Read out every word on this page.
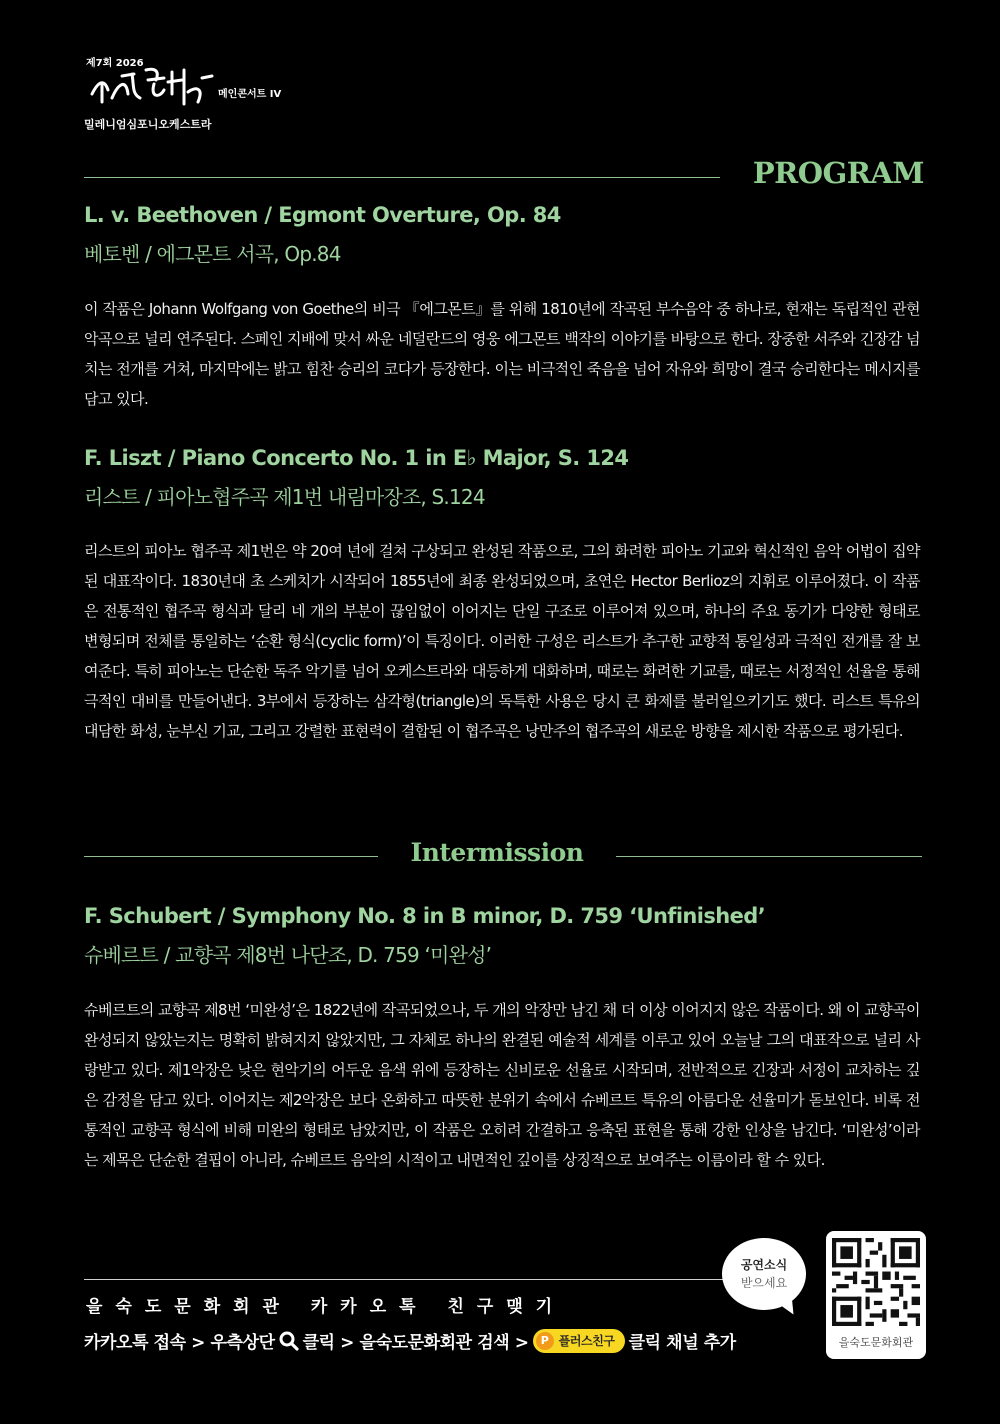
제7회 2026
메인콘서트 IV
밀레니엄심포니오케스트라
PROGRAM
L. v. Beethoven / Egmont Overture, Op. 84
베토벤 / 에그몬트 서곡, Op.84
이 작품은 Johann Wolfgang von Goethe의 비극 『에그몬트』를 위해 1810년에 작곡된 부수음악 중 하나로, 현재는 독립적인 관현악곡으로 널리 연주된다. 스페인 지배에 맞서 싸운 네덜란드의 영웅 에그몬트 백작의 이야기를 바탕으로 한다. 장중한 서주와 긴장감 넘치는 전개를 거쳐, 마지막에는 밝고 힘찬 승리의 코다가 등장한다. 이는 비극적인 죽음을 넘어 자유와 희망이 결국 승리한다는 메시지를 담고 있다.
F. Liszt / Piano Concerto No. 1 in E♭ Major, S. 124
리스트 / 피아노협주곡 제1번 내림마장조, S.124
리스트의 피아노 협주곡 제1번은 약 20여 년에 걸쳐 구상되고 완성된 작품으로, 그의 화려한 피아노 기교와 혁신적인 음악 어법이 집약된 대표작이다. 1830년대 초 스케치가 시작되어 1855년에 최종 완성되었으며, 초연은 Hector Berlioz의 지휘로 이루어졌다. 이 작품은 전통적인 협주곡 형식과 달리 네 개의 부분이 끊임없이 이어지는 단일 구조로 이루어져 있으며, 하나의 주요 동기가 다양한 형태로 변형되며 전체를 통일하는 ‘순환 형식(cyclic form)’이 특징이다. 이러한 구성은 리스트가 추구한 교향적 통일성과 극적인 전개를 잘 보여준다. 특히 피아노는 단순한 독주 악기를 넘어 오케스트라와 대등하게 대화하며, 때로는 화려한 기교를, 때로는 서정적인 선율을 통해 극적인 대비를 만들어낸다. 3부에서 등장하는 삼각형(triangle)의 독특한 사용은 당시 큰 화제를 불러일으키기도 했다. 리스트 특유의 대담한 화성, 눈부신 기교, 그리고 강렬한 표현력이 결합된 이 협주곡은 낭만주의 협주곡의 새로운 방향을 제시한 작품으로 평가된다.
Intermission
F. Schubert / Symphony No. 8 in B minor, D. 759 ‘Unfinished’
슈베르트 / 교향곡 제8번 나단조, D. 759 ‘미완성’
슈베르트의 교향곡 제8번 ‘미완성’은 1822년에 작곡되었으나, 두 개의 악장만 남긴 채 더 이상 이어지지 않은 작품이다. 왜 이 교향곡이 완성되지 않았는지는 명확히 밝혀지지 않았지만, 그 자체로 하나의 완결된 예술적 세계를 이루고 있어 오늘날 그의 대표작으로 널리 사랑받고 있다. 제1악장은 낮은 현악기의 어두운 음색 위에 등장하는 신비로운 선율로 시작되며, 전반적으로 긴장과 서정이 교차하는 깊은 감정을 담고 있다. 이어지는 제2악장은 보다 온화하고 따뜻한 분위기 속에서 슈베르트 특유의 아름다운 선율미가 돋보인다. 비록 전통적인 교향곡 형식에 비해 미완의 형태로 남았지만, 이 작품은 오히려 간결하고 응축된 표현을 통해 강한 인상을 남긴다. ‘미완성’이라는 제목은 단순한 결핍이 아니라, 슈베르트 음악의 시적이고 내면적인 깊이를 상징적으로 보여주는 이름이라 할 수 있다.
을숙도문화회관 카카오톡 친구맺기
카카오톡 접속 > 우측상단 클릭 > 을숙도문화회관 검색 >	P 플러스친구 클릭 채널 추가
공연소식
받으세요
을숙도문화회관
